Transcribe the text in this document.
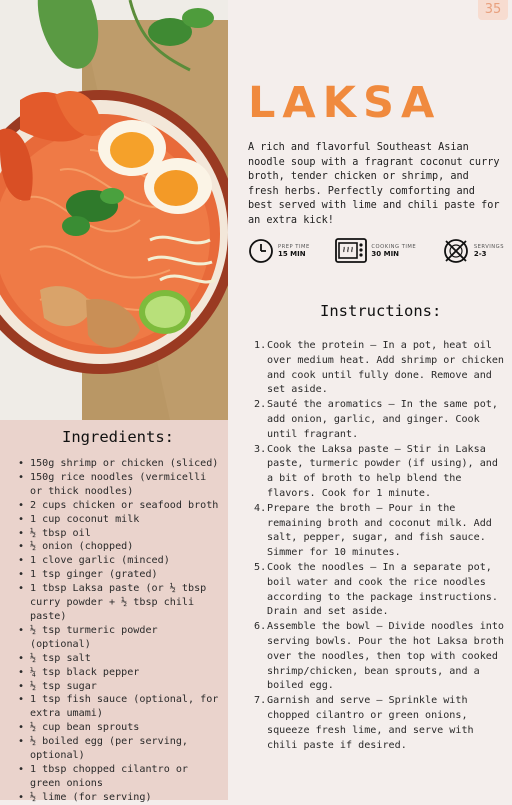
35
LAKSA
A rich and flavorful Southeast Asian noodle soup with a fragrant coconut curry broth, tender chicken or shrimp, and fresh herbs. Perfectly comforting and best served with lime and chili paste for an extra kick!
PREP TIME
15 MIN
COOKING TIME
30 MIN
SERVINGS
2-3
Instructions:
1. Cook the protein – In a pot, heat oil over medium heat. Add shrimp or chicken and cook until fully done. Remove and set aside.
2. Sauté the aromatics – In the same pot, add onion, garlic, and ginger. Cook until fragrant.
3. Cook the Laksa paste – Stir in Laksa paste, turmeric powder (if using), and a bit of broth to help blend the flavors. Cook for 1 minute.
4. Prepare the broth – Pour in the remaining broth and coconut milk. Add salt, pepper, sugar, and fish sauce. Simmer for 10 minutes.
5. Cook the noodles – In a separate pot, boil water and cook the rice noodles according to the package instructions. Drain and set aside.
6. Assemble the bowl – Divide noodles into serving bowls. Pour the hot Laksa broth over the noodles, then top with cooked shrimp/chicken, bean sprouts, and a boiled egg.
7. Garnish and serve – Sprinkle with chopped cilantro or green onions, squeeze fresh lime, and serve with chili paste if desired.
Ingredients:
• 150g shrimp or chicken (sliced)
• 150g rice noodles (vermicelli or thick noodles)
• 2 cups chicken or seafood broth
• 1 cup coconut milk
• ½ tbsp oil
• ½ onion (chopped)
• 1 clove garlic (minced)
• 1 tsp ginger (grated)
• 1 tbsp Laksa paste (or ½ tbsp curry powder + ½ tbsp chili paste)
• ½ tsp turmeric powder (optional)
• ½ tsp salt
• ¼ tsp black pepper
• ½ tsp sugar
• 1 tsp fish sauce (optional, for extra umami)
• ½ cup bean sprouts
• ½ boiled egg (per serving, optional)
• 1 tbsp chopped cilantro or green onions
• ½ lime (for serving)
